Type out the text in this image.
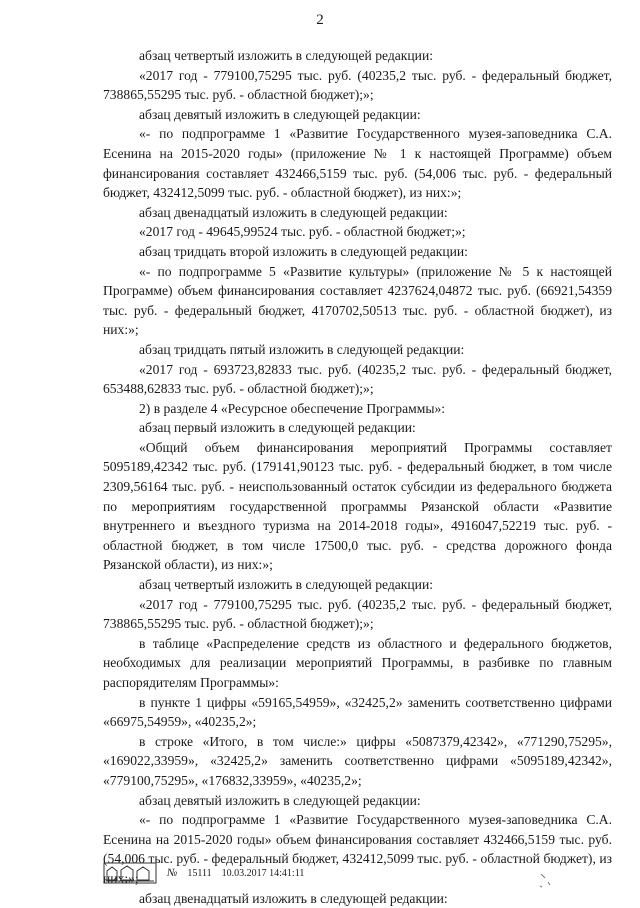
2

абзац четвертый изложить в следующей редакции:

«2017 год - 779100,75295 тыс. руб. (40235,2 тыс. руб. - федеральный бюджет, 738865,55295 тыс. руб. - областной бюджет);»;

абзац девятый изложить в следующей редакции:

«- по подпрограмме 1 «Развитие Государственного музея-заповедника С.А. Есенина на 2015-2020 годы» (приложение № 1 к настоящей Программе) объем финансирования составляет 432466,5159 тыс. руб. (54,006 тыс. руб. - федеральный бюджет, 432412,5099 тыс. руб. - областной бюджет), из них:»;

абзац двенадцатый изложить в следующей редакции:

«2017 год - 49645,99524 тыс. руб. - областной бюджет;»;

абзац тридцать второй изложить в следующей редакции:

«- по подпрограмме 5 «Развитие культуры» (приложение № 5 к настоящей Программе) объем финансирования составляет 4237624,04872 тыс. руб. (66921,54359 тыс. руб. - федеральный бюджет, 4170702,50513 тыс. руб. - областной бюджет), из них:»;

абзац тридцать пятый изложить в следующей редакции:

«2017 год - 693723,82833 тыс. руб. (40235,2 тыс. руб. - федеральный бюджет, 653488,62833 тыс. руб. - областной бюджет);»;

2) в разделе 4 «Ресурсное обеспечение Программы»:

абзац первый изложить в следующей редакции:

«Общий объем финансирования мероприятий Программы составляет 5095189,42342 тыс. руб. (179141,90123 тыс. руб. - федеральный бюджет, в том числе 2309,56164 тыс. руб. - неиспользованный остаток субсидии из федерального бюджета по мероприятиям государственной программы Рязанской области «Развитие внутреннего и въездного туризма на 2014-2018 годы», 4916047,52219 тыс. руб. - областной бюджет, в том числе 17500,0 тыс. руб. - средства дорожного фонда Рязанской области), из них:»;

абзац четвертый изложить в следующей редакции:

«2017 год - 779100,75295 тыс. руб. (40235,2 тыс. руб. - федеральный бюджет, 738865,55295 тыс. руб. - областной бюджет);»;

в таблице «Распределение средств из областного и федерального бюджетов, необходимых для реализации мероприятий Программы, в разбивке по главным распорядителям Программы»:

в пункте 1 цифры «59165,54959», «32425,2» заменить соответственно цифрами «66975,54959», «40235,2»;

в строке «Итого, в том числе:» цифры «5087379,42342», «771290,75295», «169022,33959», «32425,2» заменить соответственно цифрами «5095189,42342», «779100,75295», «176832,33959», «40235,2»;

абзац девятый изложить в следующей редакции:

«- по подпрограмме 1 «Развитие Государственного музея-заповедника С.А. Есенина на 2015-2020 годы» объем финансирования составляет 432466,5159 тыс. руб. (54,006 тыс. руб. - федеральный бюджет, 432412,5099 тыс. руб. - областной бюджет), из них:»;

абзац двенадцатый изложить в следующей редакции:

№ 15111 10.03.2017 14:41:11
